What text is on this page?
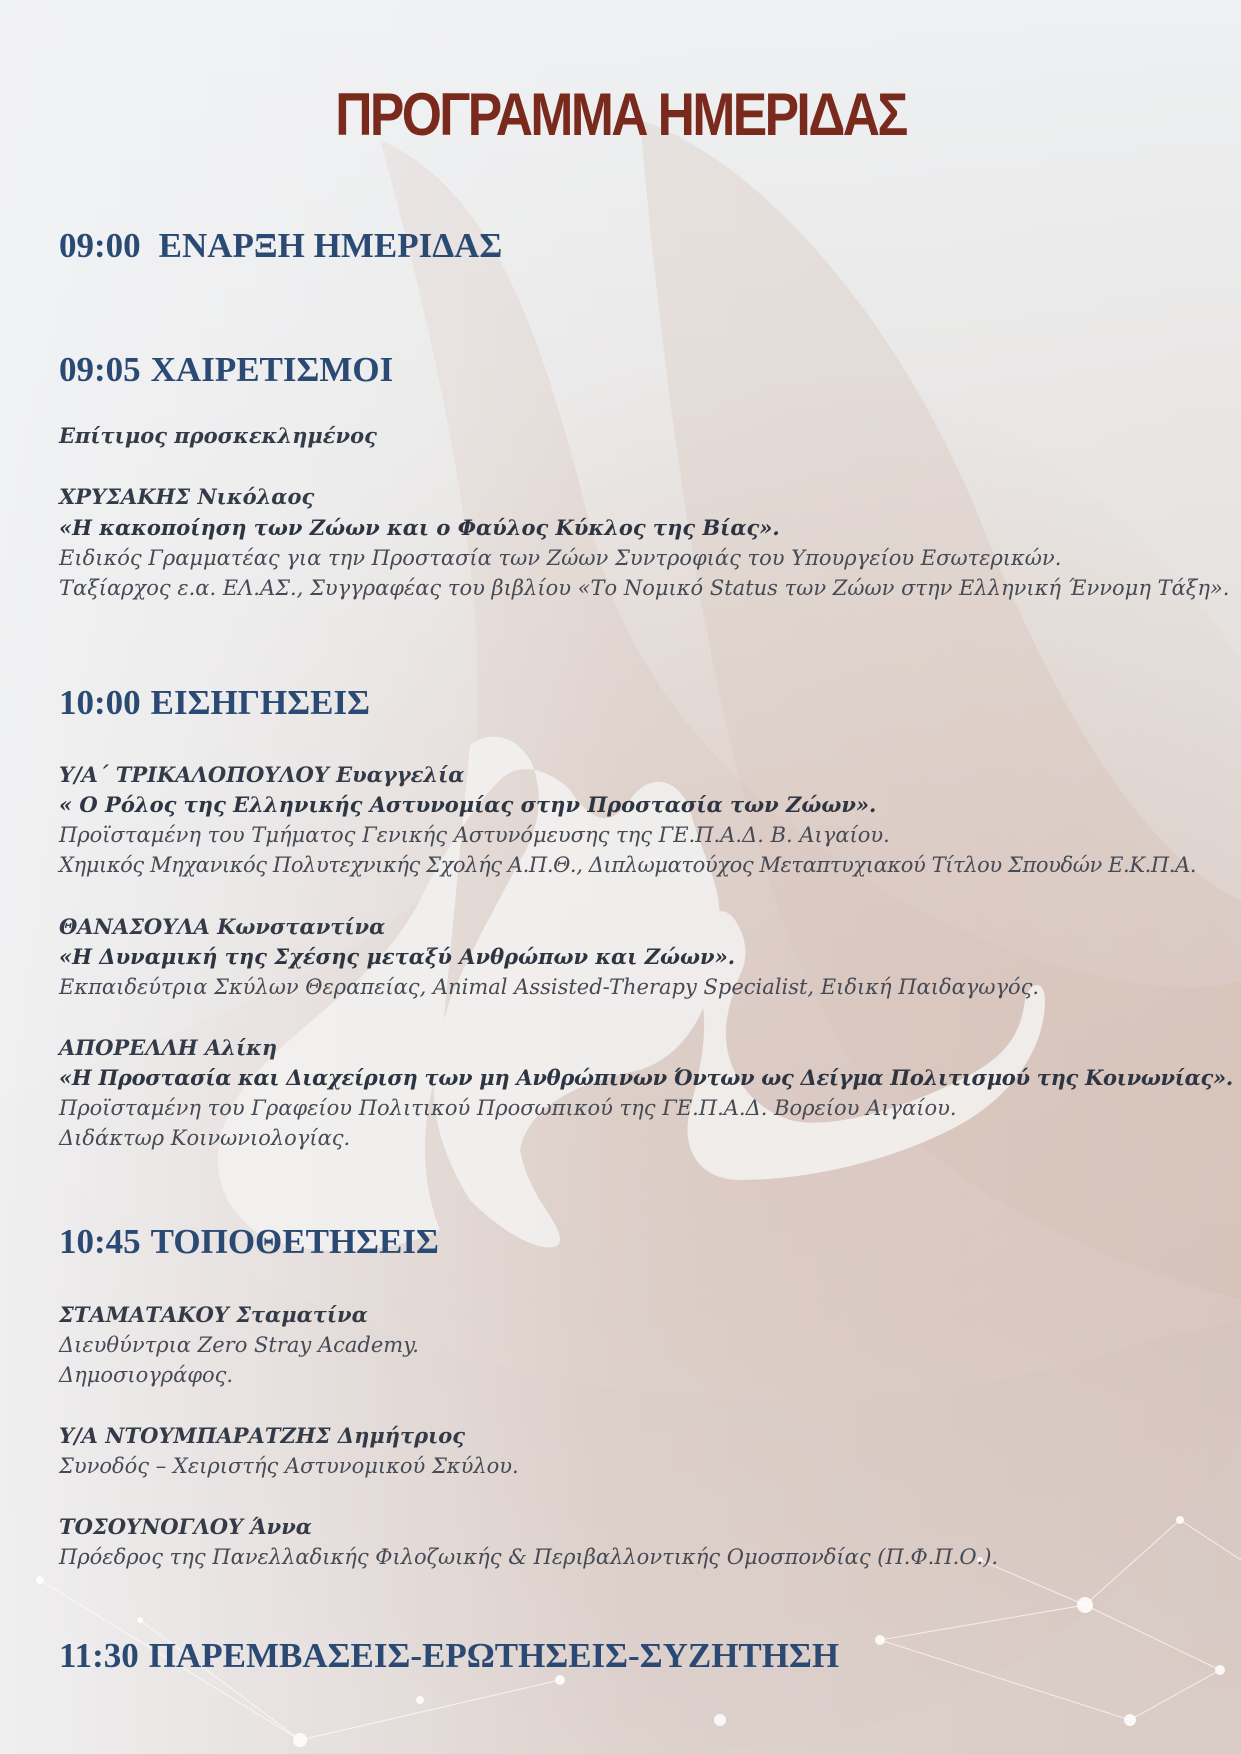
ΠΡΟΓΡΑΜΜΑ ΗΜΕΡΙΔΑΣ
09:00 ΕΝΑΡΞΗ ΗΜΕΡΙΔΑΣ
09:05 ΧΑΙΡΕΤΙΣΜΟΙ
Επίτιμος προσκεκλημένος
ΧΡΥΣΑΚΗΣ Νικόλαος
«Η κακοποίηση των Ζώων και ο Φαύλος Κύκλος της Βίας».
Ειδικός Γραμματέας για την Προστασία των Ζώων Συντροφιάς του Υπουργείου Εσωτερικών.
Ταξίαρχος ε.α. ΕΛ.ΑΣ., Συγγραφέας του βιβλίου «Το Νομικό Status των Ζώων στην Ελληνική Έννομη Τάξη».
10:00 ΕΙΣΗΓΗΣΕΙΣ
Υ/Α΄ ΤΡΙΚΑΛΟΠΟΥΛΟΥ Ευαγγελία
« Ο Ρόλος της Ελληνικής Αστυνομίας στην Προστασία των Ζώων».
Προϊσταμένη του Τμήματος Γενικής Αστυνόμευσης της ΓΕ.Π.Α.Δ. Β. Αιγαίου.
Χημικός Μηχανικός Πολυτεχνικής Σχολής Α.Π.Θ., Διπλωματούχος Μεταπτυχιακού Τίτλου Σπουδών Ε.Κ.Π.Α.
ΘΑΝΑΣΟΥΛΑ Κωνσταντίνα
«Η Δυναμική της Σχέσης μεταξύ Ανθρώπων και Ζώων».
Εκπαιδεύτρια Σκύλων Θεραπείας, Animal Assisted-Therapy Specialist, Ειδική Παιδαγωγός.
ΑΠΟΡΕΛΛΗ Αλίκη
«Η Προστασία και Διαχείριση των μη Ανθρώπινων Όντων ως Δείγμα Πολιτισμού της Κοινωνίας».
Προϊσταμένη του Γραφείου Πολιτικού Προσωπικού της ΓΕ.Π.Α.Δ. Βορείου Αιγαίου.
Διδάκτωρ Κοινωνιολογίας.
10:45 ΤΟΠΟΘΕΤΗΣΕΙΣ
ΣΤΑΜΑΤΑΚΟΥ Σταματίνα
Διευθύντρια Zero Stray Academy.
Δημοσιογράφος.
Υ/Α ΝΤΟΥΜΠΑΡΑΤΖΗΣ Δημήτριος
Συνοδός – Χειριστής Αστυνομικού Σκύλου.
ΤΟΣΟΥΝΟΓΛΟΥ Άννα
Πρόεδρος της Πανελλαδικής Φιλοζωικής & Περιβαλλοντικής Ομοσπονδίας (Π.Φ.Π.Ο.).
11:30 ΠΑΡΕΜΒΑΣΕΙΣ-ΕΡΩΤΗΣΕΙΣ-ΣΥΖΗΤΗΣΗ
